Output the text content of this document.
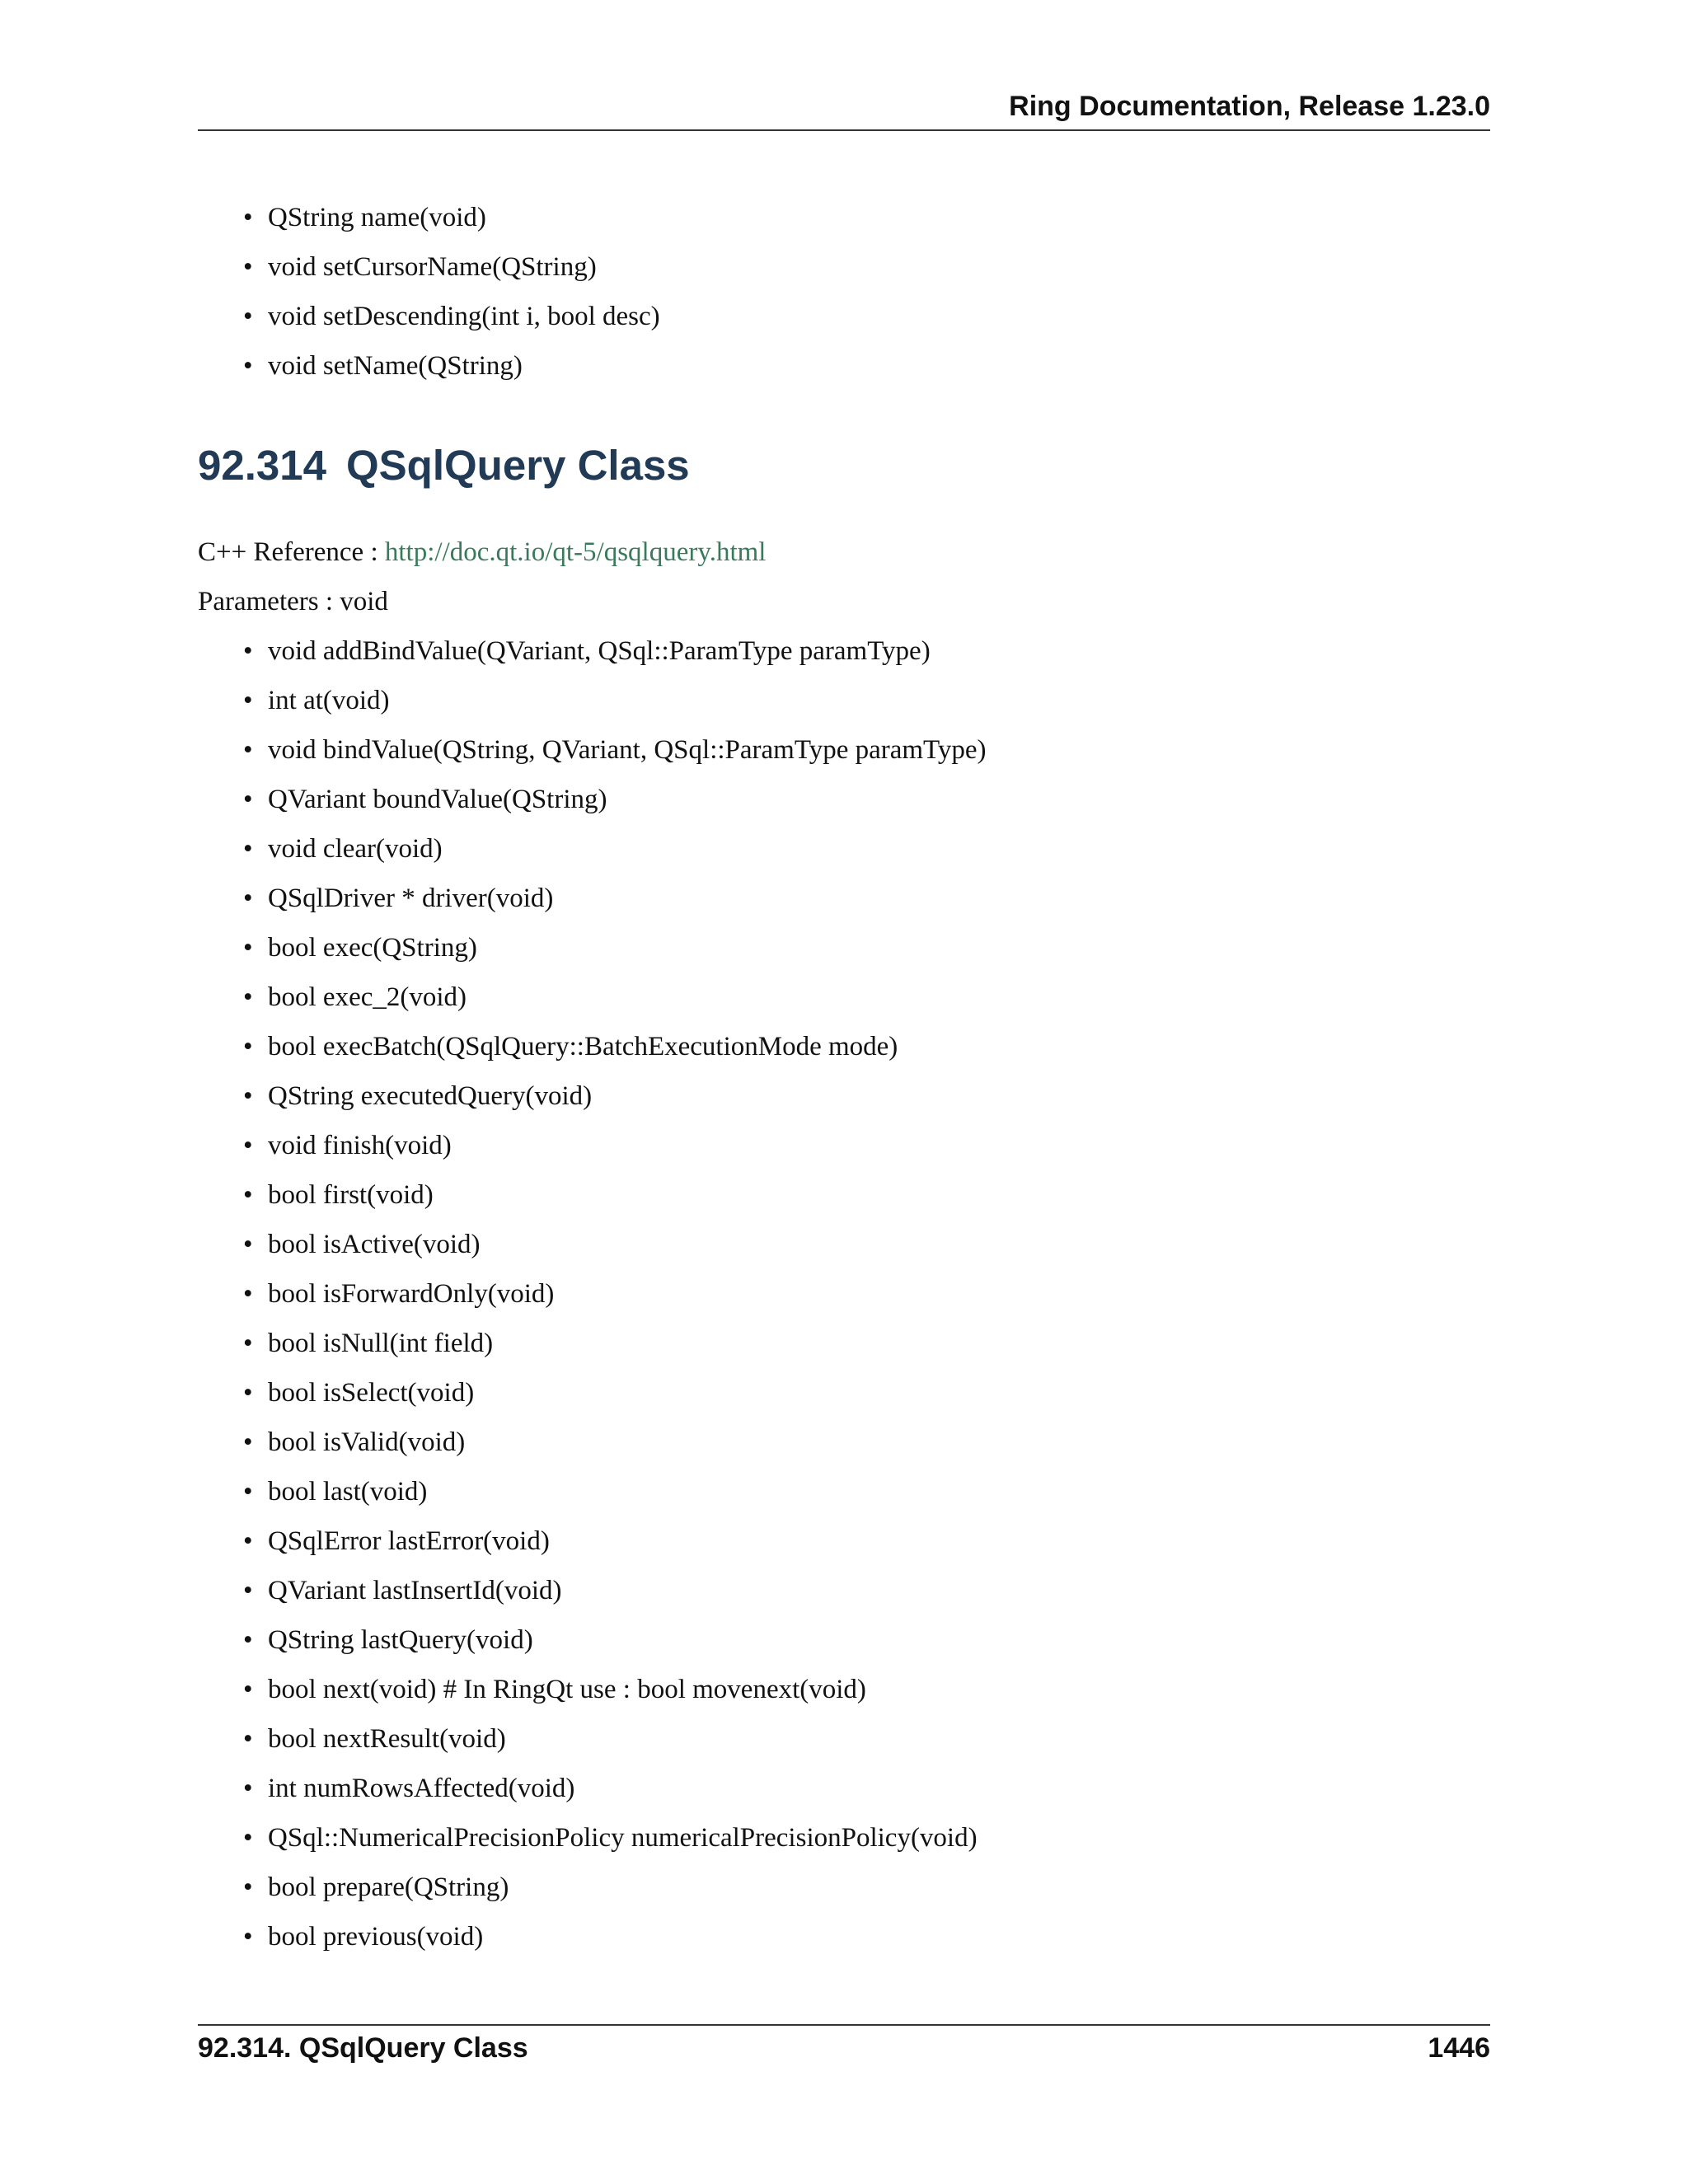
Ring Documentation, Release 1.23.0
• QString name(void)
• void setCursorName(QString)
• void setDescending(int i, bool desc)
• void setName(QString)
92.314 QSqlQuery Class
C++ Reference : http://doc.qt.io/qt-5/qsqlquery.html
Parameters : void
• void addBindValue(QVariant, QSql::ParamType paramType)
• int at(void)
• void bindValue(QString, QVariant, QSql::ParamType paramType)
• QVariant boundValue(QString)
• void clear(void)
• QSqlDriver * driver(void)
• bool exec(QString)
• bool exec_2(void)
• bool execBatch(QSqlQuery::BatchExecutionMode mode)
• QString executedQuery(void)
• void finish(void)
• bool first(void)
• bool isActive(void)
• bool isForwardOnly(void)
• bool isNull(int field)
• bool isSelect(void)
• bool isValid(void)
• bool last(void)
• QSqlError lastError(void)
• QVariant lastInsertId(void)
• QString lastQuery(void)
• bool next(void) # In RingQt use : bool movenext(void)
• bool nextResult(void)
• int numRowsAffected(void)
• QSql::NumericalPrecisionPolicy numericalPrecisionPolicy(void)
• bool prepare(QString)
• bool previous(void)
92.314. QSqlQuery Class	1446
